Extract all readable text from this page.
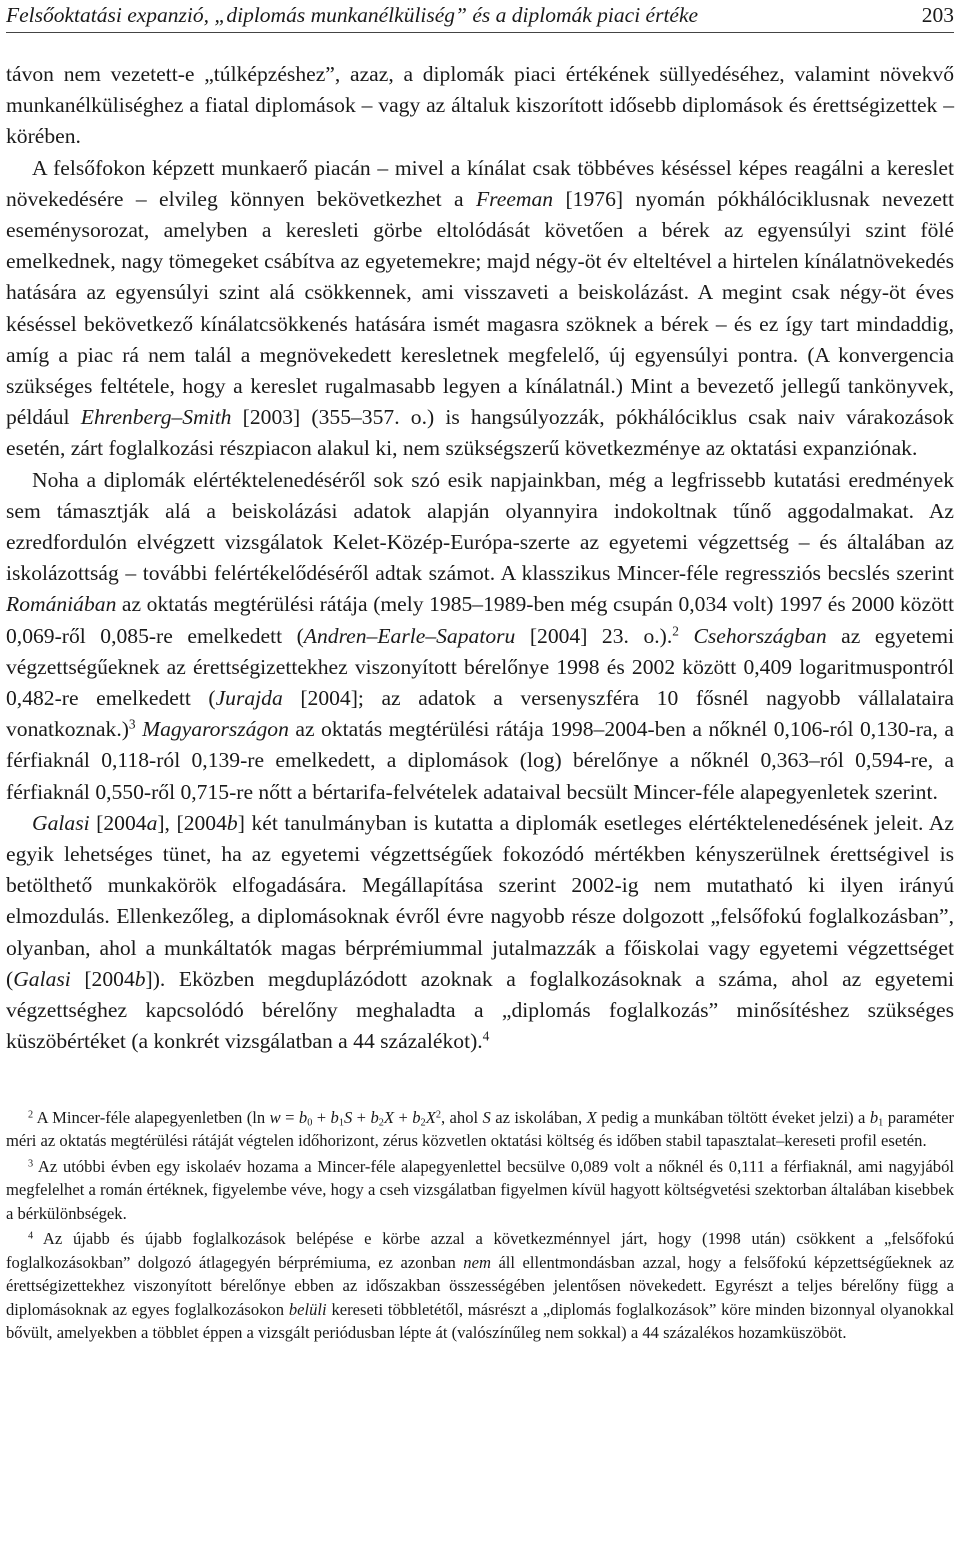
Felsőoktatási expanzió, „diplomás munkanélküliség” és a diplomák piaci értéke	203

távon nem vezetett-e „túlképzéshez”, azaz, a diplomák piaci értékének süllyedéséhez, valamint növekvő munkanélküliséghez a fiatal diplomások – vagy az általuk kiszorított idősebb diplomások és érettségizettek – körében.

A felsőfokon képzett munkaerő piacán – mivel a kínálat csak többéves késéssel képes reagálni a kereslet növekedésére – elvileg könnyen bekövetkezhet a Freeman [1976] nyomán pókhálóciklusnak nevezett eseménysorozat, amelyben a keresleti görbe eltolódását követően a bérek az egyensúlyi szint fölé emelkednek, nagy tömegeket csábítva az egyetemekre; majd négy-öt év elteltével a hirtelen kínálatnövekedés hatására az egyensúlyi szint alá csökkennek, ami visszaveti a beiskolázást. A megint csak négy-öt éves késéssel bekövetkező kínálatcsökkenés hatására ismét magasra szöknek a bérek – és ez így tart mindaddig, amíg a piac rá nem talál a megnövekedett keresletnek megfelelő, új egyensúlyi pontra. (A konvergencia szükséges feltétele, hogy a kereslet rugalmasabb legyen a kínálatnál.) Mint a bevezető jellegű tankönyvek, például Ehrenberg–Smith [2003] (355–357. o.) is hangsúlyozzák, pókhálóciklus csak naiv várakozások esetén, zárt foglalkozási részpiacon alakul ki, nem szükségszerű következménye az oktatási expanziónak.

Noha a diplomák elértéktelenedéséről sok szó esik napjainkban, még a legfrissebb kutatási eredmények sem támasztják alá a beiskolázási adatok alapján olyannyira indokoltnak tűnő aggodalmakat. Az ezredfordulón elvégzett vizsgálatok Kelet-Közép-Európa-szerte az egyetemi végzettség – és általában az iskolázottság – további felértékelődéséről adtak számot. A klasszikus Mincer-féle regressziós becslés szerint Romániában az oktatás megtérülési rátája (mely 1985–1989-ben még csupán 0,034 volt) 1997 és 2000 között 0,069-ről 0,085-re emelkedett (Andren–Earle–Sapatoru [2004] 23. o.).$^2$ Csehországban az egyetemi végzettségűeknek az érettségizettekhez viszonyított bérelőnye 1998 és 2002 között 0,409 logaritmuspontról 0,482-re emelkedett (Jurajda [2004]; az adatok a versenyszféra 10 fősnél nagyobb vállalataira vonatkoznak.)$^3$ Magyarországon az oktatás megtérülési rátája 1998–2004-ben a nőknél 0,106-ról 0,130-ra, a férfiaknál 0,118-ról 0,139-re emelkedett, a diplomások (log) bérelőnye a nőknél 0,363–ról 0,594-re, a férfiaknál 0,550-ről 0,715-re nőtt a bértarifa-felvételek adataival becsült Mincer-féle alapegyenletek szerint.

Galasi [2004a], [2004b] két tanulmányban is kutatta a diplomák esetleges elértéktelenedésének jeleit. Az egyik lehetséges tünet, ha az egyetemi végzettségűek fokozódó mértékben kényszerülnek érettségivel is betölthető munkakörök elfogadására. Megállapítása szerint 2002-ig nem mutatható ki ilyen irányú elmozdulás. Ellenkezőleg, a diplomásoknak évről évre nagyobb része dolgozott „felsőfokú foglalkozásban”, olyanban, ahol a munkáltatók magas bérprémiummal jutalmazzák a főiskolai vagy egyetemi végzettséget (Galasi [2004b]). Eközben megduplázódott azoknak a foglalkozásoknak a száma, ahol az egyetemi végzettséghez kapcsolódó bérelőny meghaladta a „diplomás foglalkozás” minősítéshez szükséges küszöbértéket (a konkrét vizsgálatban a 44 százalékot).$^4$

$^2$ A Mincer-féle alapegyenletben (ln $w = b_0 + b_1S + b_2X + b_2X^2$, ahol S az iskolában, X pedig a munkában töltött éveket jelzi) a $b_1$ paraméter méri az oktatás megtérülési rátáját végtelen időhorizont, zérus közvetlen oktatási költség és időben stabil tapasztalat–kereseti profil esetén.

$^3$ Az utóbbi évben egy iskolaév hozama a Mincer-féle alapegyenlettel becsülve 0,089 volt a nőknél és 0,111 a férfiaknál, ami nagyjából megfelelhet a román értéknek, figyelembe véve, hogy a cseh vizsgálatban figyelmen kívül hagyott költségvetési szektorban általában kisebbek a bérkülönbségek.

$^4$ Az újabb és újabb foglalkozások belépése e körbe azzal a következménnyel járt, hogy (1998 után) csökkent a „felsőfokú foglalkozásokban” dolgozó átlagegyén bérprémiuma, ez azonban nem áll ellentmondásban azzal, hogy a felsőfokú képzettségűeknek az érettségizettekhez viszonyított bérelőnye ebben az időszakban összességében jelentősen növekedett. Egyrészt a teljes bérelőny függ a diplomásoknak az egyes foglalkozásokon belüli kereseti többletétől, másrészt a „diplomás foglalkozások” köre minden bizonnyal olyanokkal bővült, amelyekben a többlet éppen a vizsgált periódusban lépte át (valószínűleg nem sokkal) a 44 százalékos hozamküszöböt.
